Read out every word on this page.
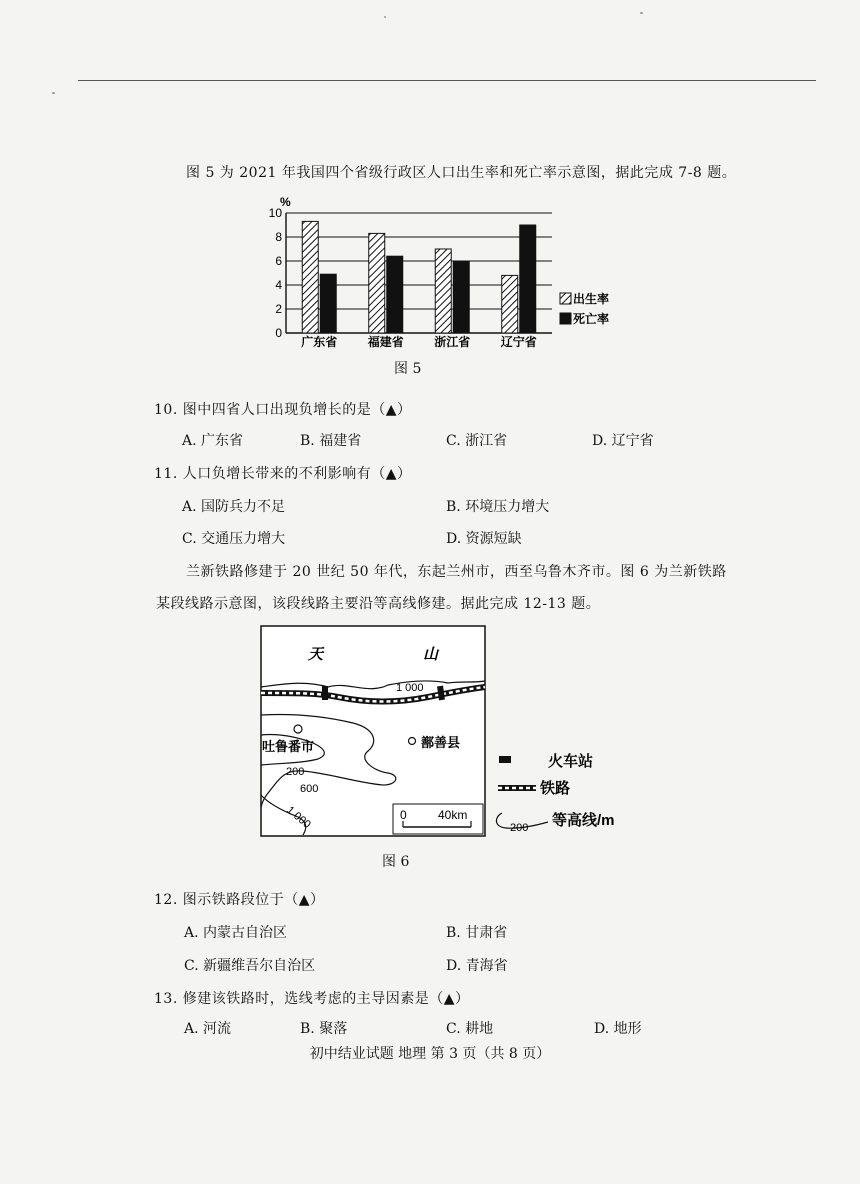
图 5 为 2021 年我国四个省级行政区人口出生率和死亡率示意图，据此完成 7-8 题。
0
2
4
6
8
10
广东省	福建省	浙江省	辽宁省
%
出生率
死亡率
图 5
10. 图中四省人口出现负增长的是（▲）
A. 广东省	B. 福建省	C. 浙江省	D. 辽宁省
11. 人口负增长带来的不利影响有（▲）
A. 国防兵力不足	B. 环境压力增大
C. 交通压力增大	D. 资源短缺
兰新铁路修建于 20 世纪 50 年代，东起兰州市，西至乌鲁木齐市。图 6 为兰新铁路
某段线路示意图，该段线路主要沿等高线修建。据此完成 12-13 题。
天	山
1 000
吐鲁番市	鄯善县
200
600
1 000	0	40km
火车站
铁路
200 等高线/m
图 6
12. 图示铁路段位于（▲）
A. 内蒙古自治区	B. 甘肃省
C. 新疆维吾尔自治区	D. 青海省
13. 修建该铁路时，选线考虑的主导因素是（▲）
A. 河流	B. 聚落	C. 耕地	D. 地形
初中结业试题 地理 第 3 页（共 8 页）
